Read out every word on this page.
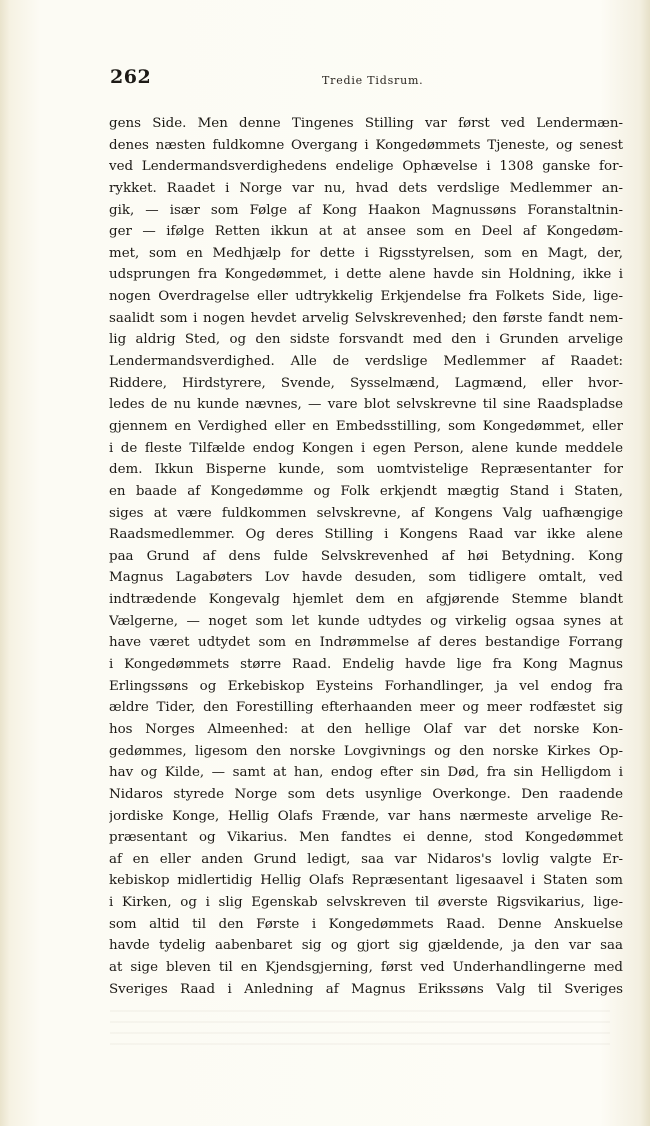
262	Tredie Tidsrum.
gens Side. Men denne Tingenes Stilling var først ved Lendermæn-
denes næsten fuldkomne Overgang i Kongedømmets Tjeneste, og senest
ved Lendermandsverdighedens endelige Ophævelse i 1308 ganske for-
rykket. Raadet i Norge var nu, hvad dets verdslige Medlemmer an-
gik, — især som Følge af Kong Haakon Magnussøns Foranstaltnin-
ger — ifølge Retten ikkun at at ansee som en Deel af Kongedøm-
met, som en Medhjælp for dette i Rigsstyrelsen, som en Magt, der,
udsprungen fra Kongedømmet, i dette alene havde sin Holdning, ikke i
nogen Overdragelse eller udtrykkelig Erkjendelse fra Folkets Side, lige-
saalidt som i nogen hevdet arvelig Selvskrevenhed; den første fandt nem-
lig aldrig Sted, og den sidste forsvandt med den i Grunden arvelige
Lendermandsverdighed. Alle de verdslige Medlemmer af Raadet:
Riddere, Hirdstyrere, Svende, Sysselmænd, Lagmænd, eller hvor-
ledes de nu kunde nævnes, — vare blot selvskrevne til sine Raadspladse
gjennem en Verdighed eller en Embedsstilling, som Kongedømmet, eller
i de fleste Tilfælde endog Kongen i egen Person, alene kunde meddele
dem. Ikkun Bisperne kunde, som uomtvistelige Repræsentanter for
en baade af Kongedømme og Folk erkjendt mægtig Stand i Staten,
siges at være fuldkommen selvskrevne, af Kongens Valg uafhængige
Raadsmedlemmer. Og deres Stilling i Kongens Raad var ikke alene
paa Grund af dens fulde Selvskrevenhed af høi Betydning. Kong
Magnus Lagabøters Lov havde desuden, som tidligere omtalt, ved
indtrædende Kongevalg hjemlet dem en afgjørende Stemme blandt
Vælgerne, — noget som let kunde udtydes og virkelig ogsaa synes at
have været udtydet som en Indrømmelse af deres bestandige Forrang
i Kongedømmets større Raad. Endelig havde lige fra Kong Magnus
Erlingssøns og Erkebiskop Eysteins Forhandlinger, ja vel endog fra
ældre Tider, den Forestilling efterhaanden meer og meer rodfæstet sig
hos Norges Almeenhed: at den hellige Olaf var det norske Kon-
gedømmes, ligesom den norske Lovgivnings og den norske Kirkes Op-
hav og Kilde, — samt at han, endog efter sin Død, fra sin Helligdom i
Nidaros styrede Norge som dets usynlige Overkonge. Den raadende
jordiske Konge, Hellig Olafs Frænde, var hans nærmeste arvelige Re-
præsentant og Vikarius. Men fandtes ei denne, stod Kongedømmet
af en eller anden Grund ledigt, saa var Nidaros's lovlig valgte Er-
kebiskop midlertidig Hellig Olafs Repræsentant ligesaavel i Staten som
i Kirken, og i slig Egenskab selvskreven til øverste Rigsvikarius, lige-
som altid til den Første i Kongedømmets Raad. Denne Anskuelse
havde tydelig aabenbaret sig og gjort sig gjældende, ja den var saa
at sige bleven til en Kjendsgjerning, først ved Underhandlingerne med
Sveriges Raad i Anledning af Magnus Erikssøns Valg til Sveriges
